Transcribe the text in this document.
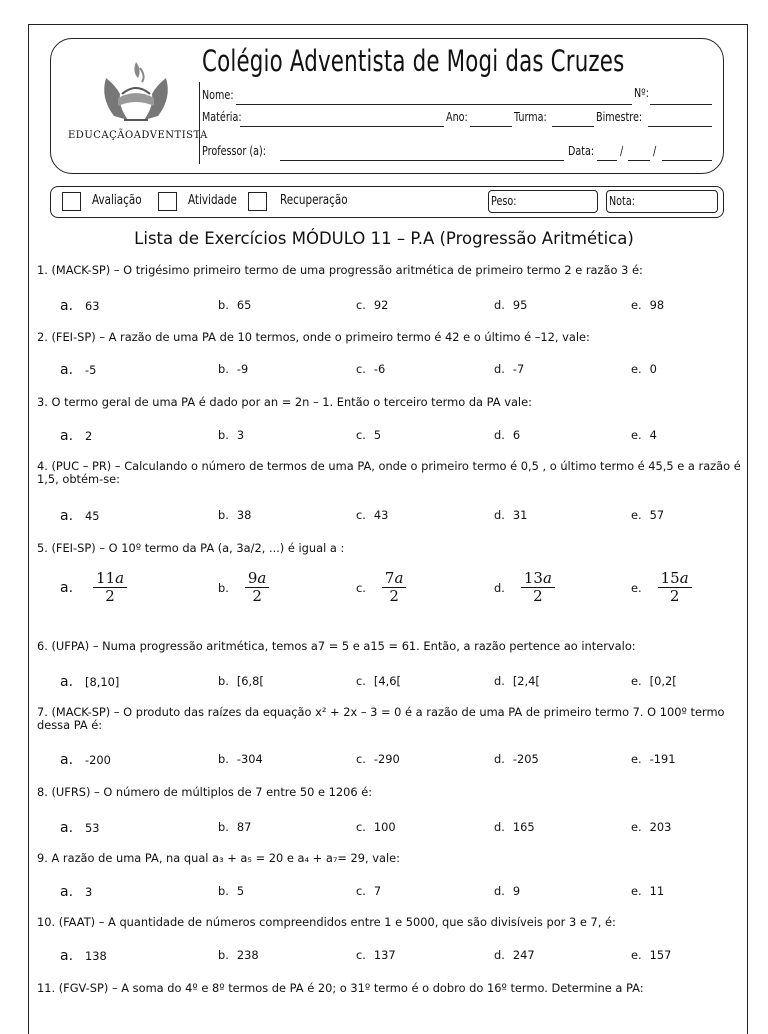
EDUCAÇÃOADVENTISTA
Colégio Adventista de Mogi das Cruzes
Nome:	Nº:
Matéria:	Ano:	Turma:	Bimestre:
Professor (a):	Data: / /
Avaliação	Atividade	Recuperação	Peso:	Nota:
Lista de Exercícios MÓDULO 11 – P.A (Progressão Aritmética)
1. (MACK-SP) – O trigésimo primeiro termo de uma progressão aritmética de primeiro termo 2 e razão 3 é:
a. 63	b. 65	c. 92	d. 95	e. 98
2. (FEI-SP) – A razão de uma PA de 10 termos, onde o primeiro termo é 42 e o último é –12, vale:
a. -5	b. -9	c. -6	d. -7	e. 0
3. O termo geral de uma PA é dado por an = 2n – 1. Então o terceiro termo da PA vale:
a. 2	b. 3	c. 5	d. 6	e. 4
4. (PUC – PR) – Calculando o número de termos de uma PA, onde o primeiro termo é 0,5 , o último termo é 45,5 e a razão é 1,5, obtém-se:
a. 45	b. 38	c. 43	d. 31	e. 57
5. (FEI-SP) – O 10º termo da PA (a, 3a/2, ...) é igual a :
a. $\frac{11a}{2}$	b. $\frac{9a}{2}$	c. $\frac{7a}{2}$	d. $\frac{13a}{2}$	e. $\frac{15a}{2}$
6. (UFPA) – Numa progressão aritmética, temos a7 = 5 e a15 = 61. Então, a razão pertence ao intervalo:
a. [8,10]	b. [6,8[	c. [4,6[	d. [2,4[	e. [0,2[
7. (MACK-SP) – O produto das raízes da equação x² + 2x – 3 = 0 é a razão de uma PA de primeiro termo 7. O 100º termo dessa PA é:
a. -200	b. -304	c. -290	d. -205	e. -191
8. (UFRS) – O número de múltiplos de 7 entre 50 e 1206 é:
a. 53	b. 87	c. 100	d. 165	e. 203
9. A razão de uma PA, na qual a₃ + a₅ = 20 e a₄ + a₇= 29, vale:
a. 3	b. 5	c. 7	d. 9	e. 11
10. (FAAT) – A quantidade de números compreendidos entre 1 e 5000, que são divisíveis por 3 e 7, é:
a. 138	b. 238	c. 137	d. 247	e. 157
11. (FGV-SP) – A soma do 4º e 8º termos de PA é 20; o 31º termo é o dobro do 16º termo. Determine a PA:
